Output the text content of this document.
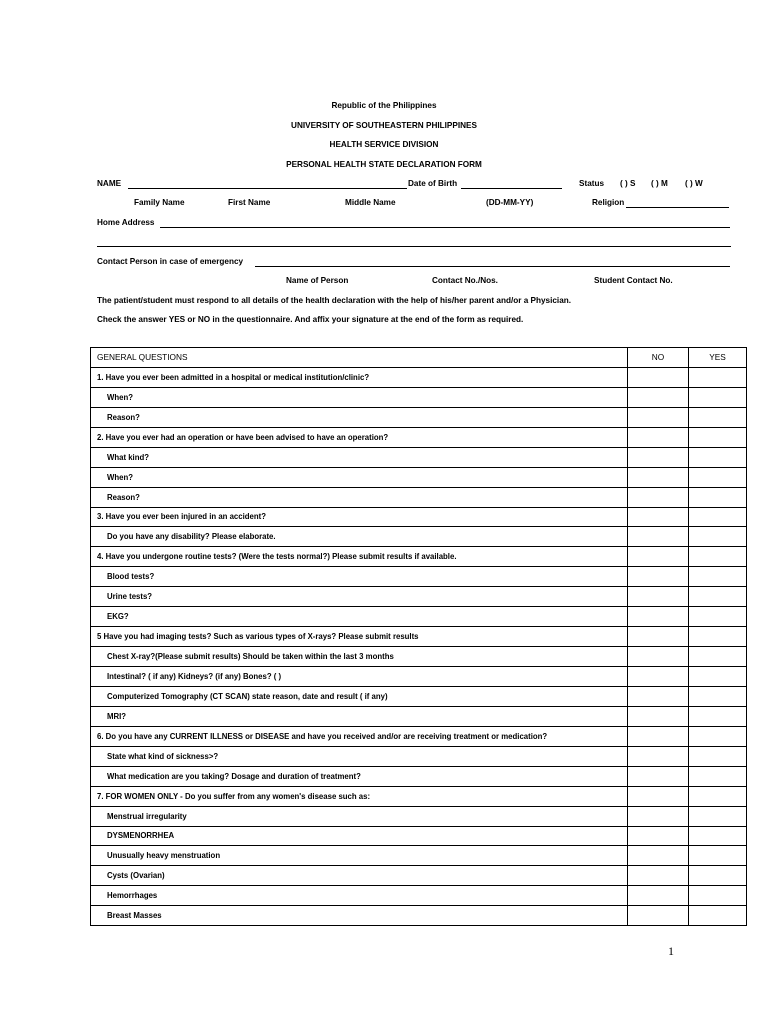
Republic of the Philippines
UNIVERSITY OF SOUTHEASTERN PHILIPPINES
HEALTH SERVICE DIVISION
PERSONAL HEALTH STATE DECLARATION FORM
NAME	Date of Birth	Status ( ) S ( ) M ( ) W
Family Name	First Name	Middle Name	(DD-MM-YY)	Religion
Home Address
Contact Person in case of emergency
Name of Person	Contact No./Nos.	Student Contact No.
The patient/student must respond to all details of the health declaration with the help of his/her parent and/or a Physician.
Check the answer YES or NO in the questionnaire. And affix your signature at the end of the form as required.
GENERAL QUESTIONS	NO	YES
1. Have you ever been admitted in a hospital or medical institution/clinic?		
When?		
Reason?		
2. Have you ever had an operation or have been advised to have an operation?		
What kind?		
When?		
Reason?		
3. Have you ever been injured in an accident?		
Do you have any disability? Please elaborate.		
4. Have you undergone routine tests? (Were the tests normal?) Please submit results if available.		
Blood tests?		
Urine tests?		
EKG?		
5 Have you had imaging tests? Such as various types of X-rays? Please submit results		
Chest X-ray?(Please submit results) Should be taken within the last 3 months		
Intestinal? ( if any) Kidneys? (if any) Bones? ( )		
Computerized Tomography (CT SCAN) state reason, date and result ( if any)		
MRI?		
6. Do you have any CURRENT ILLNESS or DISEASE and have you received and/or are receiving treatment or medication?		
State what kind of sickness>?		
What medication are you taking? Dosage and duration of treatment?		
7. FOR WOMEN ONLY - Do you suffer from any women's disease such as:		
Menstrual irregularity		
DYSMENORRHEA		
Unusually heavy menstruation		
Cysts (Ovarian)		
Hemorrhages		
Breast Masses		
1
